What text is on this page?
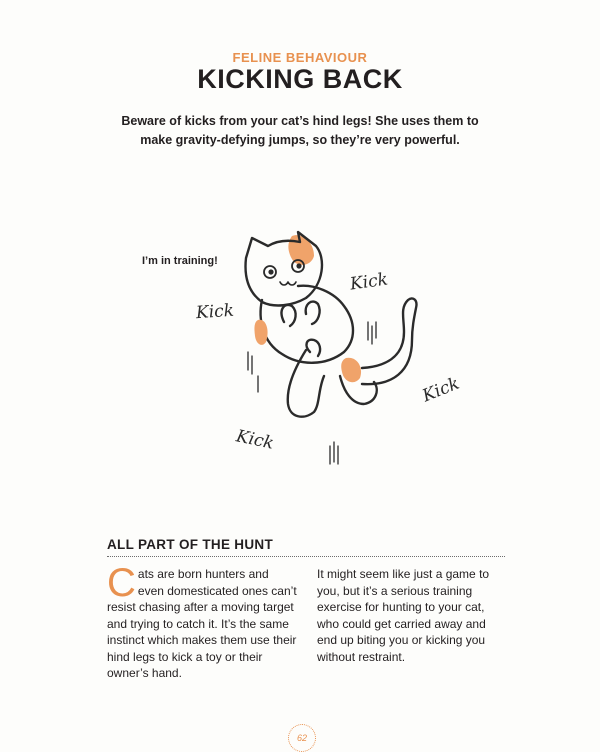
FELINE BEHAVIOUR
KICKING BACK

Beware of kicks from your cat’s hind legs! She uses them to make gravity-defying jumps, so they’re very powerful.

I’m in training!
Kick
Kick
Kick
Kick
ALL PART OF THE HUNT

Cats are born hunters and even domesticated ones can’t resist chasing after a moving target and trying to catch it. It’s the same instinct which makes them use their hind legs to kick a toy or their owner’s hand.

It might seem like just a game to you, but it’s a serious training exercise for hunting to your cat, who could get carried away and end up biting you or kicking you without restraint.

62
